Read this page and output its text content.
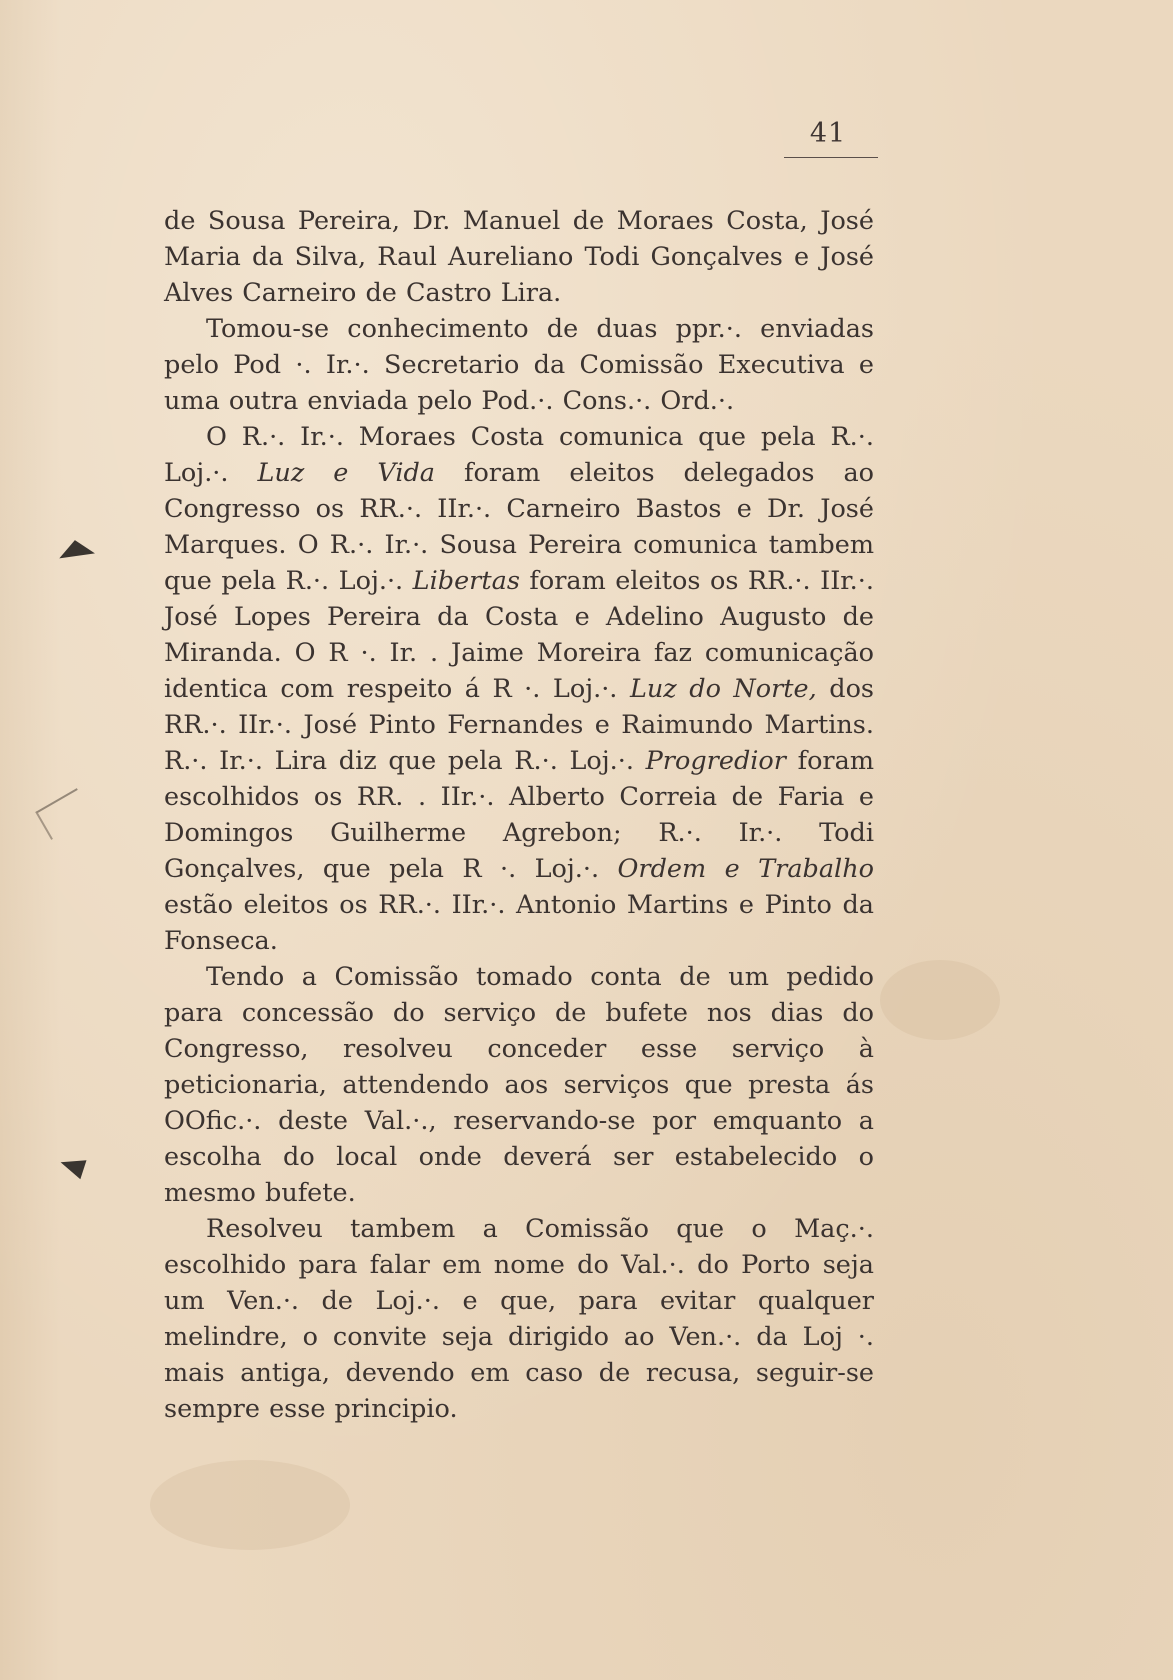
41

de Sousa Pereira, Dr. Manuel de Moraes Costa, José Maria da Silva, Raul Aureliano Todi Gonçalves e José Alves Carneiro de Castro Lira.

Tomou-se conhecimento de duas ppr.·. enviadas pelo Pod ·. Ir.·. Secretario da Comissão Executiva e uma outra enviada pelo Pod.·. Cons.·. Ord.·.

O R.·. Ir.·. Moraes Costa comunica que pela R.·. Loj.·. Luz e Vida foram eleitos delegados ao Congresso os RR.·. IIr.·. Carneiro Bastos e Dr. José Marques. O R.·. Ir.·. Sousa Pereira comunica tambem que pela R.·. Loj.·. Libertas foram eleitos os RR.·. IIr.·. José Lopes Pereira da Costa e Adelino Augusto de Miranda. O R ·. Ir. . Jaime Moreira faz comunicação identica com respeito á R ·. Loj.·. Luz do Norte, dos RR.·. IIr.·. José Pinto Fernandes e Raimundo Martins. R.·. Ir.·. Lira diz que pela R.·. Loj.·. Progredior foram escolhidos os RR. . IIr.·. Alberto Correia de Faria e Domingos Guilherme Agrebon; R.·. Ir.·. Todi Gonçalves, que pela R ·. Loj.·. Ordem e Trabalho estão eleitos os RR.·. IIr.·. Antonio Martins e Pinto da Fonseca.

Tendo a Comissão tomado conta de um pedido para concessão do serviço de bufete nos dias do Congresso, resolveu conceder esse serviço à peticionaria, attendendo aos serviços que presta ás OOfic.·. deste Val.·., reservando-se por emquanto a escolha do local onde deverá ser estabelecido o mesmo bufete.

Resolveu tambem a Comissão que o Maç.·. escolhido para falar em nome do Val.·. do Porto seja um Ven.·. de Loj.·. e que, para evitar qualquer melindre, o convite seja dirigido ao Ven.·. da Loj ·. mais antiga, devendo em caso de recusa, seguir-se sempre esse principio.
